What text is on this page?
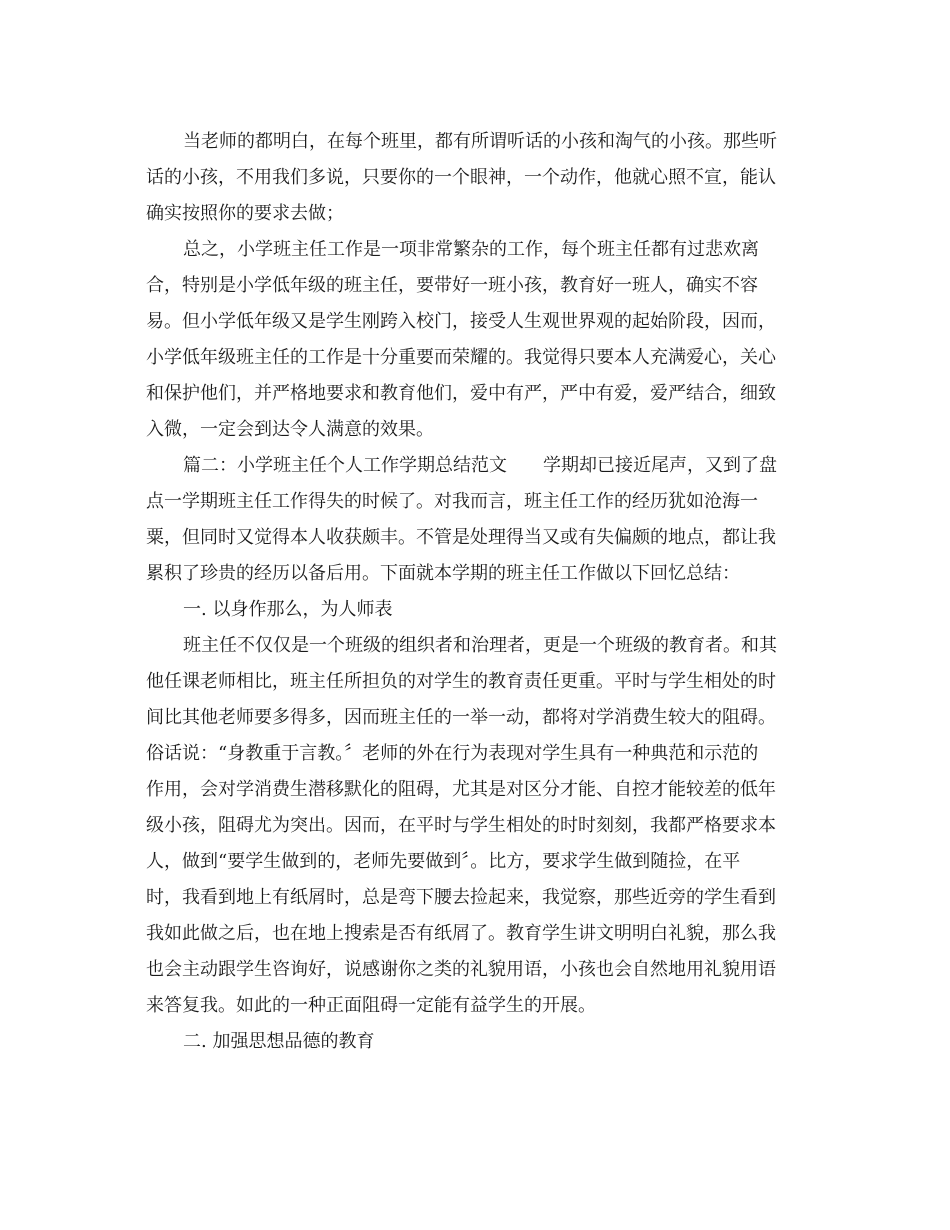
当老师的都明白，在每个班里，都有所谓听话的小孩和淘气的小孩。那些听
话的小孩，不用我们多说，只要你的一个眼神，一个动作，他就心照不宣，能认
确实按照你的要求去做；
总之，小学班主任工作是一项非常繁杂的工作，每个班主任都有过悲欢离
合，特别是小学低年级的班主任，要带好一班小孩，教育好一班人，确实不容
易。但小学低年级又是学生刚跨入校门，接受人生观世界观的起始阶段，因而，
小学低年级班主任的工作是十分重要而荣耀的。我觉得只要本人充满爱心，关心
和保护他们，并严格地要求和教育他们，爱中有严，严中有爱，爱严结合，细致
入微，一定会到达令人满意的效果。
篇二：小学班主任个人工作学期总结范文　　学期却已接近尾声，又到了盘
点一学期班主任工作得失的时候了。对我而言，班主任工作的经历犹如沧海一
粟，但同时又觉得本人收获颇丰。不管是处理得当又或有失偏颇的地点，都让我
累积了珍贵的经历以备后用。下面就本学期的班主任工作做以下回忆总结：
一. 以身作那么，为人师表
班主任不仅仅是一个班级的组织者和治理者，更是一个班级的教育者。和其
他任课老师相比，班主任所担负的对学生的教育责任更重。平时与学生相处的时
间比其他老师要多得多，因而班主任的一举一动，都将对学消费生较大的阻碍。
俗话说：“身教重于言教。〞老师的外在行为表现对学生具有一种典范和示范的
作用，会对学消费生潜移默化的阻碍，尤其是对区分才能、自控才能较差的低年
级小孩，阻碍尤为突出。因而，在平时与学生相处的时时刻刻，我都严格要求本
人，做到“要学生做到的，老师先要做到〞。比方，要求学生做到随捡，在平
时，我看到地上有纸屑时，总是弯下腰去捡起来，我觉察，那些近旁的学生看到
我如此做之后，也在地上搜索是否有纸屑了。教育学生讲文明明白礼貌，那么我
也会主动跟学生咨询好，说感谢你之类的礼貌用语，小孩也会自然地用礼貌用语
来答复我。如此的一种正面阻碍一定能有益学生的开展。
二. 加强思想品德的教育
